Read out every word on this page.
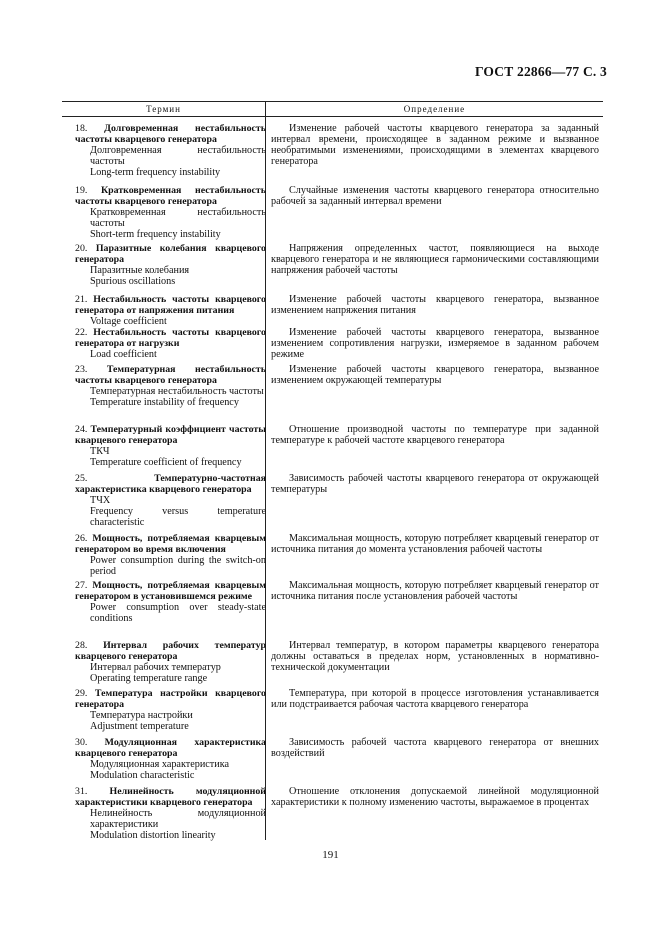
ГОСТ 22866—77 С. 3
Термин	Определение
18. Долговременная нестабильность частоты кварцевого генератора
Долговременная нестабильность частоты
Long-term frequency instability
Изменение рабочей частоты кварцевого генератора за заданный интервал времени, происходящее в заданном режиме и вызванное необратимыми изменениями, происходящими в элементах кварцевого генератора
19. Кратковременная нестабильность частоты кварцевого генератора
Кратковременная нестабильность частоты
Short-term frequency instability
Случайные изменения частоты кварцевого генератора относительно рабочей за заданный интервал времени
20. Паразитные колебания кварцевого генератора
Паразитные колебания
Spurious oscillations
Напряжения определенных частот, появляющиеся на выходе кварцевого генератора и не являющиеся гармоническими составляющими напряжения рабочей частоты
21. Нестабильность частоты кварцевого генератора от напряжения питания
Voltage coefficient
Изменение рабочей частоты кварцевого генератора, вызванное изменением напряжения питания
22. Нестабильность частоты кварцевого генератора от нагрузки
Load coefficient
Изменение рабочей частоты кварцевого генератора, вызванное изменением сопротивления нагрузки, измеряемое в заданном рабочем режиме
23. Температурная нестабильность частоты кварцевого генератора
Температурная нестабильность частоты
Temperature instability of frequency
Изменение рабочей частоты кварцевого генератора, вызванное изменением окружающей температуры
24. Температурный коэффициент частоты кварцевого генератора
ТКЧ
Temperature coefficient of frequency
Отношение производной частоты по температуре при заданной температуре к рабочей частоте кварцевого генератора
25.	Температурно-частотная характеристика кварцевого генератора
ТЧХ
Frequency versus temperature characteristic
Зависимость рабочей частоты кварцевого генератора от окружающей температуры
26. Мощность, потребляемая кварцевым генератором во время включения
Power consumption during the switch-on period
Максимальная мощность, которую потребляет кварцевый генератор от источника питания до момента установления рабочей частоты
27. Мощность, потребляемая кварцевым генератором в установившемся режиме
Power consumption over steady-state conditions
Максимальная мощность, которую потребляет кварцевый генератор от источника питания после установления рабочей частоты
28. Интервал рабочих температур кварцевого генератора
Интервал рабочих температур
Operating temperature range
Интервал температур, в котором параметры кварцевого генератора должны оставаться в пределах норм, установленных в нормативно-технической документации
29. Температура настройки кварцевого генератора
Температура настройки
Adjustment temperature
Температура, при которой в процессе изготовления устанавливается или подстраивается рабочая частота кварцевого генератора
30. Модуляционная характеристика кварцевого генератора
Модуляционная характеристика
Modulation characteristic
Зависимость рабочей частота кварцевого генератора от внешних воздействий
31. Нелинейность модуляционной характеристики кварцевого генератора
Нелинейность модуляционной характеристики
Modulation distortion linearity
Отношение отклонения допускаемой линейной модуляционной характеристики к полному изменению частоты, выражаемое в процентах
191
